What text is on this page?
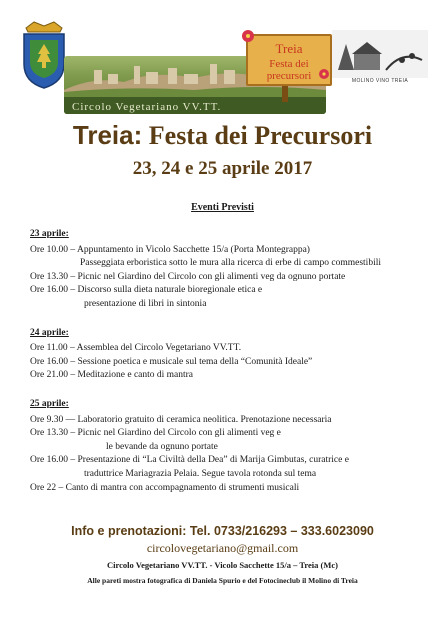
Circolo Vegetariano VV.TT.
Treia
Festa dei precursori	MOLINO VINO TREIA
Treia: Festa dei Precursori
23, 24 e 25 aprile 2017
Eventi Previsti
23 aprile:
Ore 10.00 – Appuntamento in Vicolo Sacchette 15/a (Porta Montegrappa)
Passeggiata erboristica sotto le mura alla ricerca di erbe di campo commestibili
Ore 13.30 – Picnic nel Giardino del Circolo con gli alimenti veg da ognuno portate
Ore 16.00 – Discorso sulla dieta naturale bioregionale etica e
presentazione di libri in sintonia
24 aprile:
Ore 11.00 – Assemblea del Circolo Vegetariano VV.TT.
Ore 16.00 – Sessione poetica e musicale sul tema della “Comunità Ideale”
Ore 21.00 – Meditazione e canto di mantra
25 aprile:
Ore 9.30 — Laboratorio gratuito di ceramica neolitica. Prenotazione necessaria
Ore 13.30 – Picnic nel Giardino del Circolo con gli alimenti veg e
le bevande da ognuno portate
Ore 16.00 – Presentazione di “La Civiltà della Dea” di Marija Gimbutas, curatrice e
traduttrice Mariagrazia Pelaia. Segue tavola rotonda sul tema
Ore 22 – Canto di mantra con accompagnamento di strumenti musicali
Info e prenotazioni: Tel. 0733/216293 – 333.6023090
circolovegetariano@gmail.com
Circolo Vegetariano VV.TT. - Vicolo Sacchette 15/a – Treia (Mc)
Alle pareti mostra fotografica di Daniela Spurio e del Fotocineclub il Molino di Treia
